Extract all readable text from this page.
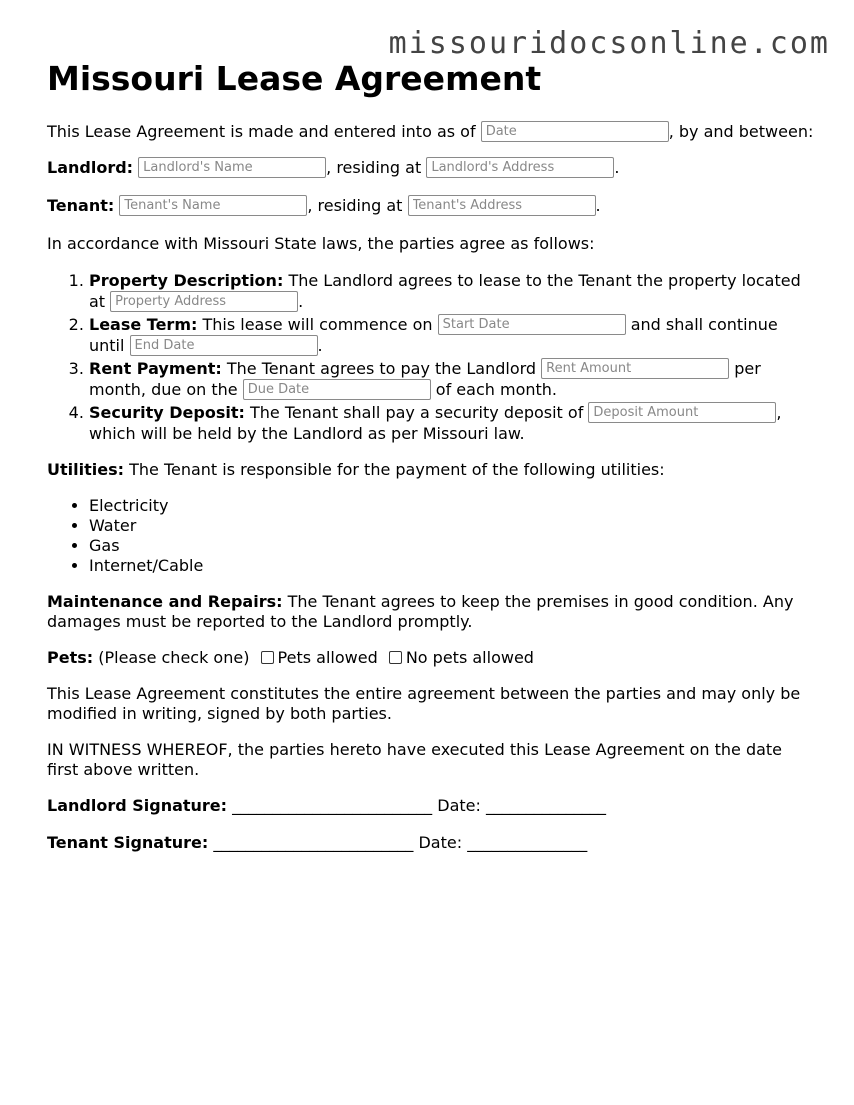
missouridocsonline.com
Missouri Lease Agreement

This Lease Agreement is made and entered into as of Date	, by and between:

Landlord: Landlord's Name	, residing at Landlord's Address	.

Tenant: Tenant's Name	, residing at Tenant's Address	.

In accordance with Missouri State laws, the parties agree as follows:

1. Property Description: The Landlord agrees to lease to the Tenant the property located at Property Address	.
2. Lease Term: This lease will commence on Start Date	and shall continue until End Date	.
3. Rent Payment: The Tenant agrees to pay the Landlord Rent Amount	per month, due on the Due Date	of each month.
4. Security Deposit: The Tenant shall pay a security deposit of Deposit Amount	, which will be held by the Landlord as per Missouri law.

Utilities: The Tenant is responsible for the payment of the following utilities:

• Electricity
• Water
• Gas
• Internet/Cable

Maintenance and Repairs: The Tenant agrees to keep the premises in good condition. Any damages must be reported to the Landlord promptly.

Pets: (Please check one) Pets allowed No pets allowed

This Lease Agreement constitutes the entire agreement between the parties and may only be modified in writing, signed by both parties.

IN WITNESS WHEREOF, the parties hereto have executed this Lease Agreement on the date first above written.

Landlord Signature: _________________________ Date: _______________
Tenant Signature: _________________________ Date: _______________
